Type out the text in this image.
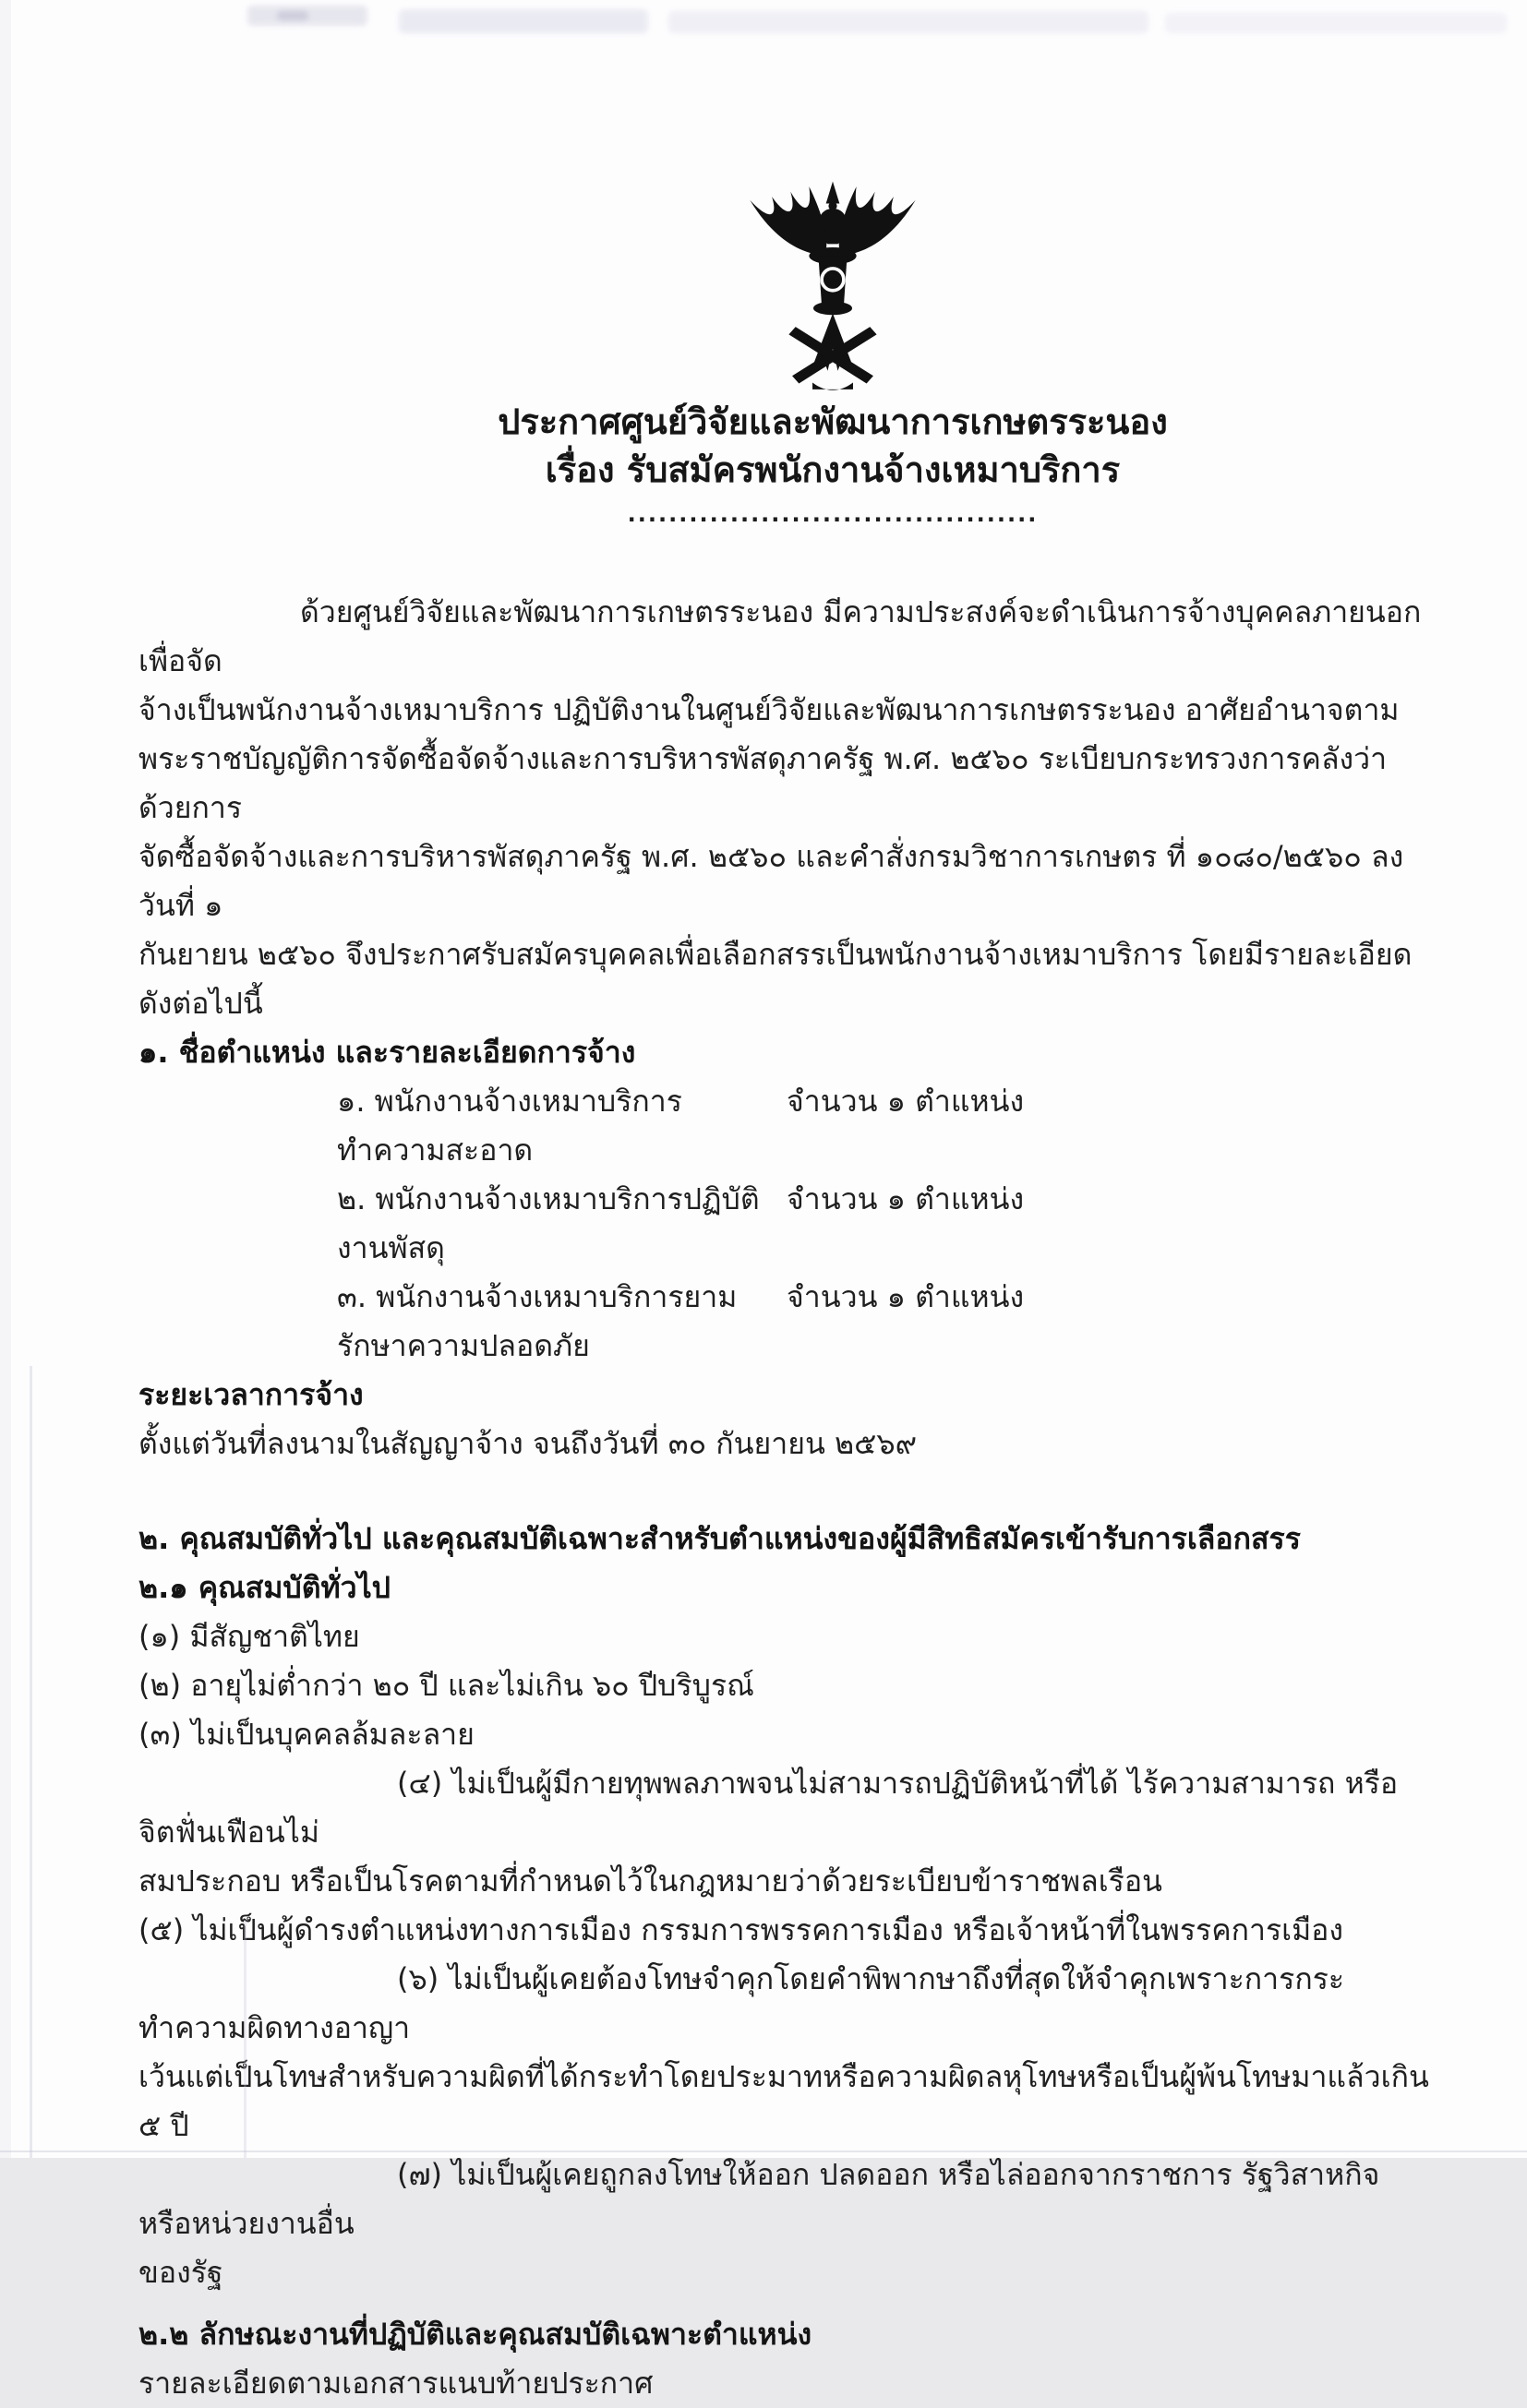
ประกาศศูนย์วิจัยและพัฒนาการเกษตรระนอง
เรื่อง รับสมัครพนักงานจ้างเหมาบริการ
........................................

ด้วยศูนย์วิจัยและพัฒนาการเกษตรระนอง มีความประสงค์จะดำเนินการจ้างบุคคลภายนอกเพื่อจัด

จ้างเป็นพนักงานจ้างเหมาบริการ ปฏิบัติงานในศูนย์วิจัยและพัฒนาการเกษตรระนอง อาศัยอำนาจตาม

พระราชบัญญัติการจัดซื้อจัดจ้างและการบริหารพัสดุภาครัฐ พ.ศ. ๒๕๖๐ ระเบียบกระทรวงการคลังว่าด้วยการ

จัดซื้อจัดจ้างและการบริหารพัสดุภาครัฐ พ.ศ. ๒๕๖๐ และคำสั่งกรมวิชาการเกษตร ที่ ๑๐๘๐/๒๕๖๐ ลงวันที่ ๑

กันยายน ๒๕๖๐ จึงประกาศรับสมัครบุคคลเพื่อเลือกสรรเป็นพนักงานจ้างเหมาบริการ โดยมีรายละเอียด

ดังต่อไปนี้

๑. ชื่อตำแหน่ง และรายละเอียดการจ้าง

๑. พนักงานจ้างเหมาบริการทำความสะอาด
จำนวน ๑ ตำแหน่ง
๒. พนักงานจ้างเหมาบริการปฏิบัติงานพัสดุ
จำนวน ๑ ตำแหน่ง
๓. พนักงานจ้างเหมาบริการยามรักษาความปลอดภัย
จำนวน ๑ ตำแหน่ง

ระยะเวลาการจ้าง

ตั้งแต่วันที่ลงนามในสัญญาจ้าง จนถึงวันที่ ๓๐ กันยายน ๒๕๖๙

๒. คุณสมบัติทั่วไป และคุณสมบัติเฉพาะสำหรับตำแหน่งของผู้มีสิทธิสมัครเข้ารับการเลือกสรร

๒.๑ คุณสมบัติทั่วไป

(๑) มีสัญชาติไทย

(๒) อายุไม่ต่ำกว่า ๒๐ ปี และไม่เกิน ๖๐ ปีบริบูรณ์

(๓) ไม่เป็นบุคคลล้มละลาย

(๔) ไม่เป็นผู้มีกายทุพพลภาพจนไม่สามารถปฏิบัติหน้าที่ได้ ไร้ความสามารถ หรือจิตฟั่นเฟือนไม่

สมประกอบ หรือเป็นโรคตามที่กำหนดไว้ในกฎหมายว่าด้วยระเบียบข้าราชพลเรือน

(๕) ไม่เป็นผู้ดำรงตำแหน่งทางการเมือง กรรมการพรรคการเมือง หรือเจ้าหน้าที่ในพรรคการเมือง

(๖) ไม่เป็นผู้เคยต้องโทษจำคุกโดยคำพิพากษาถึงที่สุดให้จำคุกเพราะการกระทำความผิดทางอาญา

เว้นแต่เป็นโทษสำหรับความผิดที่ได้กระทำโดยประมาทหรือความผิดลหุโทษหรือเป็นผู้พ้นโทษมาแล้วเกิน ๕ ปี

(๗) ไม่เป็นผู้เคยถูกลงโทษให้ออก ปลดออก หรือไล่ออกจากราชการ รัฐวิสาหกิจหรือหน่วยงานอื่น

ของรัฐ

๒.๒ ลักษณะงานที่ปฏิบัติและคุณสมบัติเฉพาะตำแหน่ง

รายละเอียดตามเอกสารแนบท้ายประกาศ
